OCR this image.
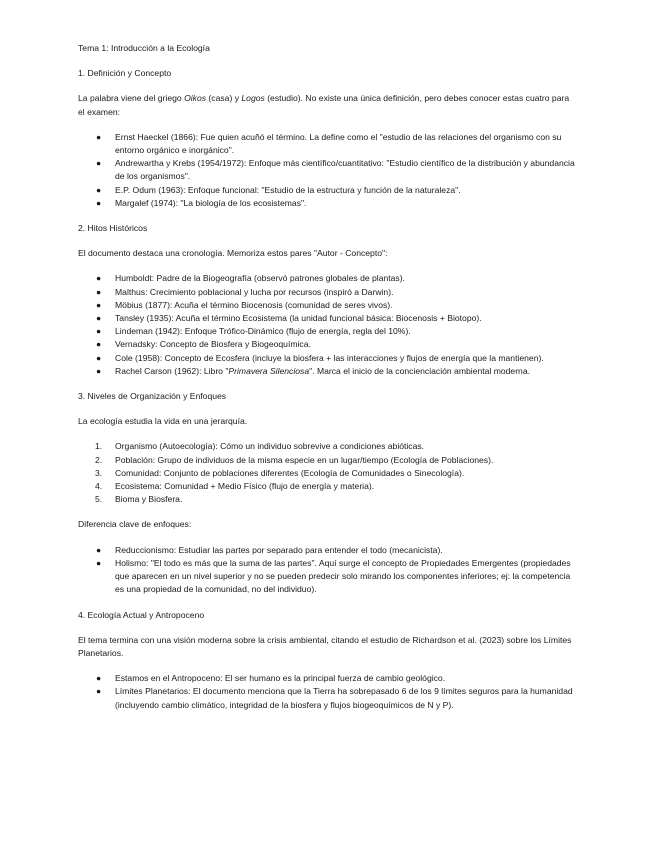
Tema 1: Introducción a la Ecología

1. Definición y Concepto

La palabra viene del griego Oikos (casa) y Logos (estudio). No existe una única definición, pero debes conocer estas cuatro para el examen:

● Ernst Haeckel (1866): Fue quien acuñó el término. La define como el "estudio de las relaciones del organismo con su entorno orgánico e inorgánico".
● Andrewartha y Krebs (1954/1972): Enfoque más científico/cuantitativo: "Estudio científico de la distribución y abundancia de los organismos".
● E.P. Odum (1963): Enfoque funcional: "Estudio de la estructura y función de la naturaleza".
● Margalef (1974): "La biología de los ecosistemas".

2. Hitos Históricos

El documento destaca una cronología. Memoriza estos pares "Autor - Concepto":

● Humboldt: Padre de la Biogeografía (observó patrones globales de plantas).
● Malthus: Crecimiento poblacional y lucha por recursos (inspiró a Darwin).
● Möbius (1877): Acuña el término Biocenosis (comunidad de seres vivos).
● Tansley (1935): Acuña el término Ecosistema (la unidad funcional básica: Biocenosis + Biotopo).
● Lindeman (1942): Enfoque Trófico-Dinámico (flujo de energía, regla del 10%).
● Vernadsky: Concepto de Biosfera y Biogeoquímica.
● Cole (1958): Concepto de Ecosfera (incluye la biosfera + las interacciones y flujos de energía que la mantienen).
● Rachel Carson (1962): Libro "Primavera Silenciosa". Marca el inicio de la concienciación ambiental moderna.

3. Niveles de Organización y Enfoques

La ecología estudia la vida en una jerarquía.

1. Organismo (Autoecología): Cómo un individuo sobrevive a condiciones abióticas.
2. Población: Grupo de individuos de la misma especie en un lugar/tiempo (Ecología de Poblaciones).
3. Comunidad: Conjunto de poblaciones diferentes (Ecología de Comunidades o Sinecología).
4. Ecosistema: Comunidad + Medio Físico (flujo de energía y materia).
5. Bioma y Biosfera.

Diferencia clave de enfoques:

● Reduccionismo: Estudiar las partes por separado para entender el todo (mecanicista).
● Holismo: "El todo es más que la suma de las partes". Aquí surge el concepto de Propiedades Emergentes (propiedades que aparecen en un nivel superior y no se pueden predecir solo mirando los componentes inferiores; ej: la competencia es una propiedad de la comunidad, no del individuo).

4. Ecología Actual y Antropoceno

El tema termina con una visión moderna sobre la crisis ambiental, citando el estudio de Richardson et al. (2023) sobre los Límites Planetarios.

● Estamos en el Antropoceno: El ser humano es la principal fuerza de cambio geológico.
● Límites Planetarios: El documento menciona que la Tierra ha sobrepasado 6 de los 9 límites seguros para la humanidad (incluyendo cambio climático, integridad de la biosfera y flujos biogeoquímicos de N y P).
